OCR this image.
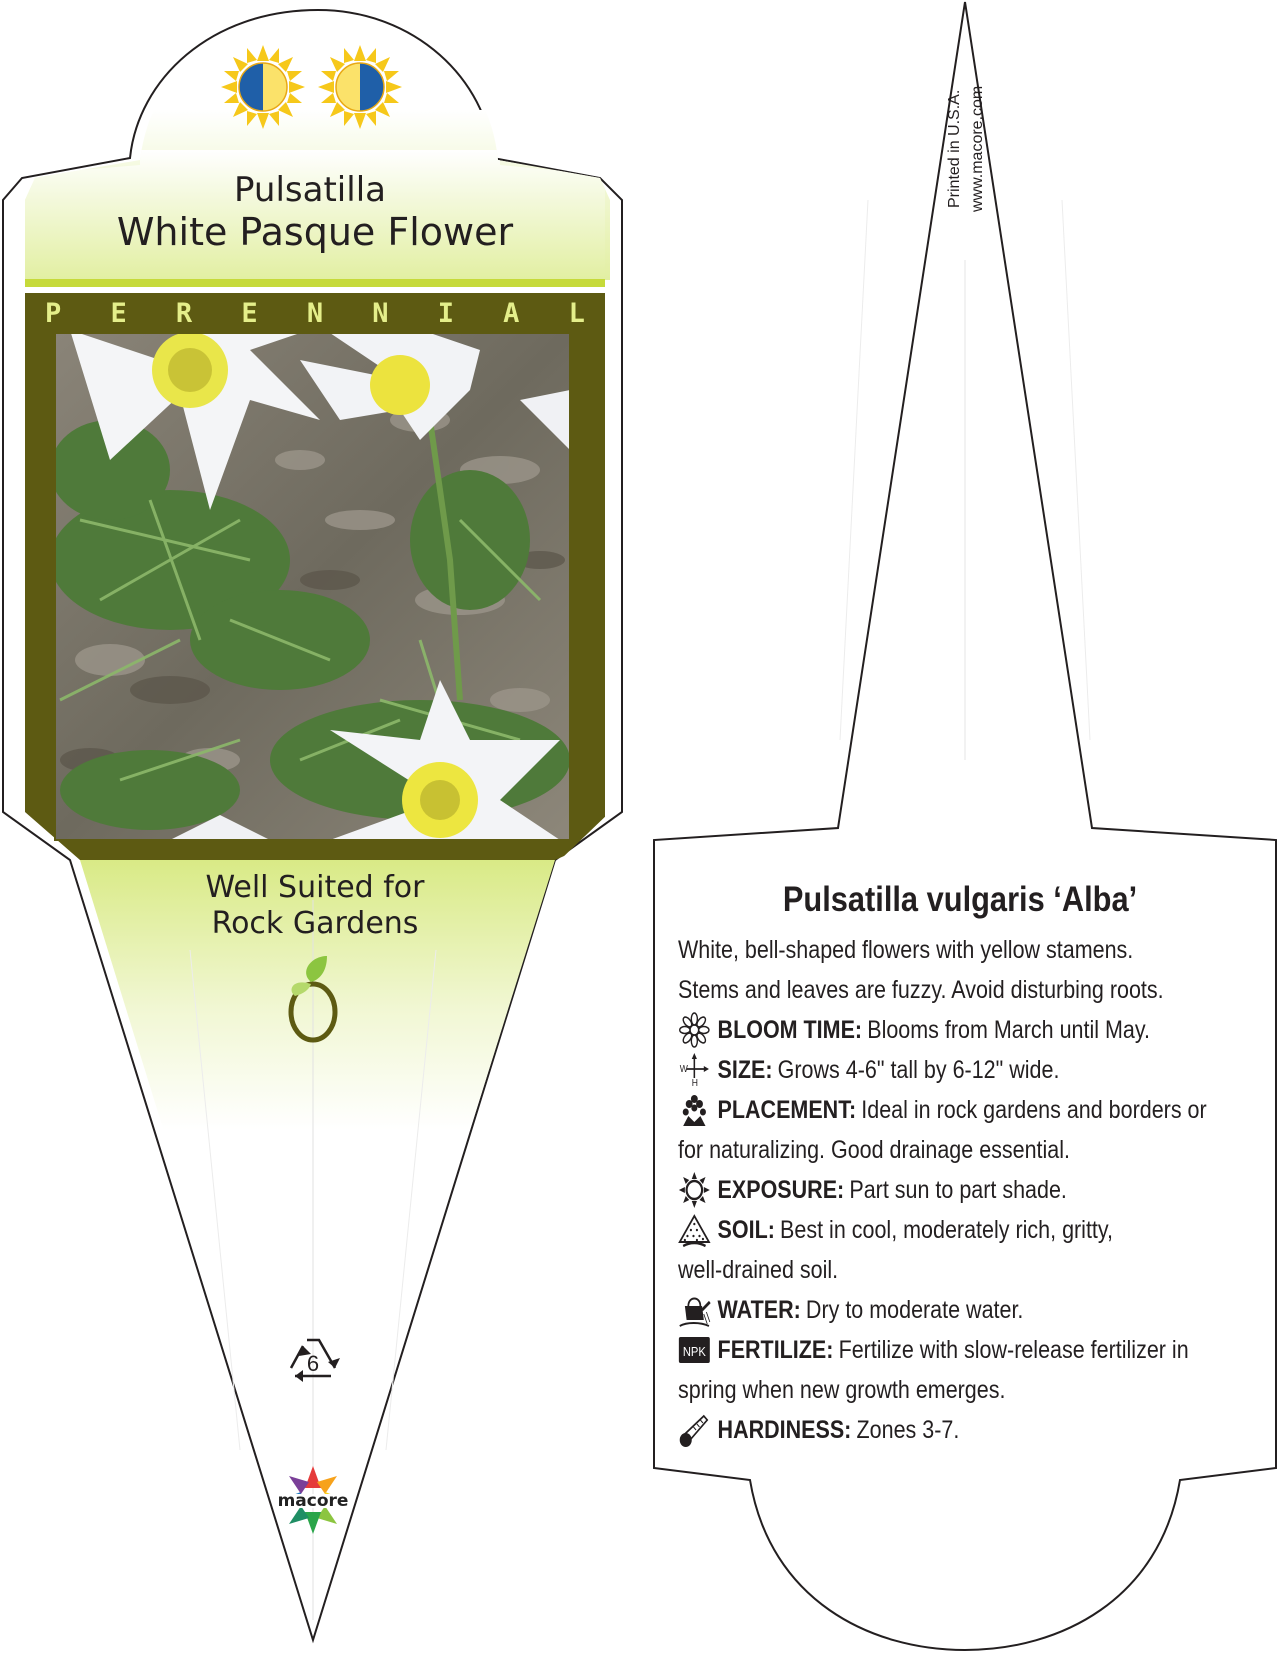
6
macore
Pulsatilla
White Pasque Flower
P E R E N N I A L
Well Suited for
Rock Gardens
Printed in U.S.A. www.macore.com
Pulsatilla vulgaris ‘Alba’
White, bell-shaped flowers with yellow stamens.
Stems and leaves are fuzzy. Avoid disturbing roots.
BLOOM TIME: Blooms from March until May.
W
H SIZE: Grows 4-6" tall by 6-12" wide.
PLACEMENT: Ideal in rock gardens and borders or
for naturalizing. Good drainage essential.
EXPOSURE: Part sun to part shade.
SOIL: Best in cool, moderately rich, gritty,
well-drained soil.
WATER: Dry to moderate water.
NPK FERTILIZE: Fertilize with slow-release fertilizer in
spring when new growth emerges.
HARDINESS: Zones 3-7.
